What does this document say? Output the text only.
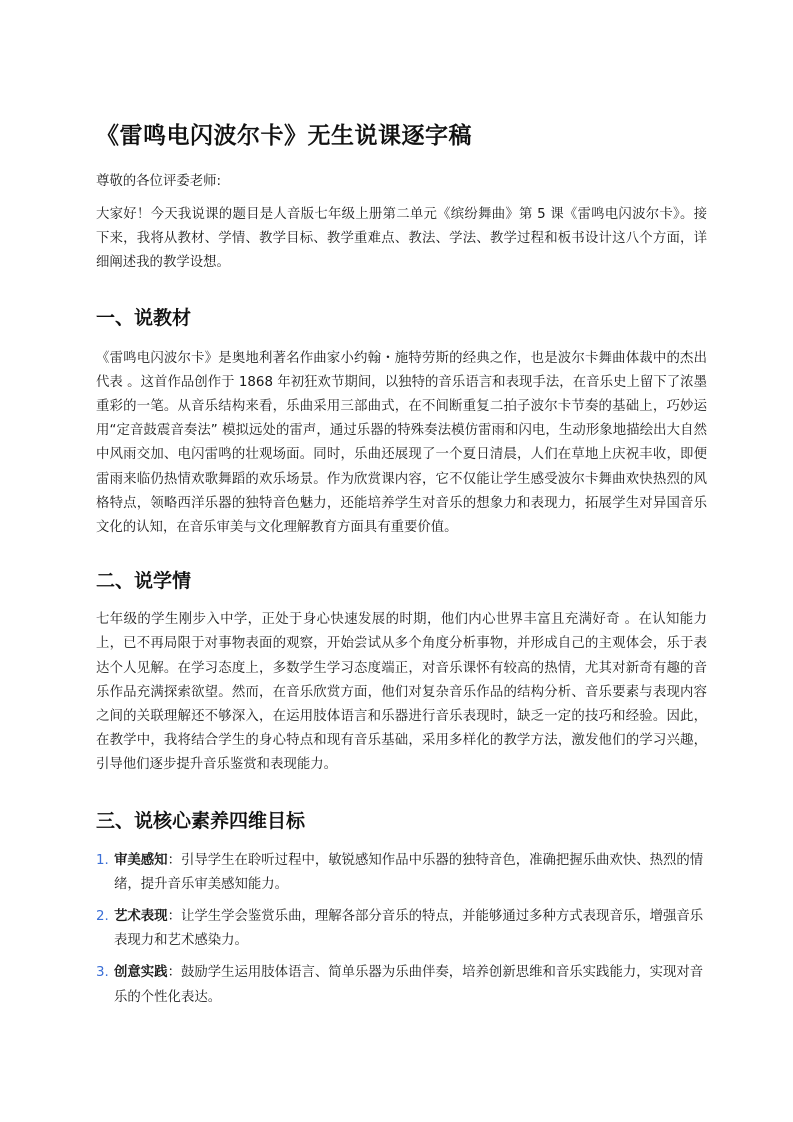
《雷鸣电闪波尔卡》无生说课逐字稿
尊敬的各位评委老师:

大家好！今天我说课的题目是人音版七年级上册第二单元《缤纷舞曲》第 5 课《雷鸣电闪波尔卡》。接下来，我将从教材、学情、教学目标、教学重难点、教法、学法、教学过程和板书设计这八个方面，详细阐述我的教学设想。

一、说教材

《雷鸣电闪波尔卡》是奥地利著名作曲家小约翰・施特劳斯的经典之作，也是波尔卡舞曲体裁中的杰出代表 。这首作品创作于 1868 年初狂欢节期间，以独特的音乐语言和表现手法，在音乐史上留下了浓墨重彩的一笔。从音乐结构来看，乐曲采用三部曲式，在不间断重复二拍子波尔卡节奏的基础上，巧妙运用“定音鼓震音奏法” 模拟远处的雷声，通过乐器的特殊奏法模仿雷雨和闪电，生动形象地描绘出大自然中风雨交加、电闪雷鸣的壮观场面。同时，乐曲还展现了一个夏日清晨，人们在草地上庆祝丰收，即便雷雨来临仍热情欢歌舞蹈的欢乐场景。作为欣赏课内容，它不仅能让学生感受波尔卡舞曲欢快热烈的风格特点，领略西洋乐器的独特音色魅力，还能培养学生对音乐的想象力和表现力，拓展学生对异国音乐文化的认知，在音乐审美与文化理解教育方面具有重要价值。

二、说学情

七年级的学生刚步入中学，正处于身心快速发展的时期，他们内心世界丰富且充满好奇 。在认知能力上，已不再局限于对事物表面的观察，开始尝试从多个角度分析事物，并形成自己的主观体会，乐于表达个人见解。在学习态度上，多数学生学习态度端正，对音乐课怀有较高的热情，尤其对新奇有趣的音乐作品充满探索欲望。然而，在音乐欣赏方面，他们对复杂音乐作品的结构分析、音乐要素与表现内容之间的关联理解还不够深入，在运用肢体语言和乐器进行音乐表现时，缺乏一定的技巧和经验。因此，在教学中，我将结合学生的身心特点和现有音乐基础，采用多样化的教学方法，激发他们的学习兴趣，引导他们逐步提升音乐鉴赏和表现能力。

三、说核心素养四维目标
1. 审美感知：引导学生在聆听过程中，敏锐感知作品中乐器的独特音色，准确把握乐曲欢快、热烈的情绪，提升音乐审美感知能力。
2. 艺术表现：让学生学会鉴赏乐曲，理解各部分音乐的特点，并能够通过多种方式表现音乐，增强音乐表现力和艺术感染力。
3. 创意实践：鼓励学生运用肢体语言、简单乐器为乐曲伴奏，培养创新思维和音乐实践能力，实现对音乐的个性化表达。
